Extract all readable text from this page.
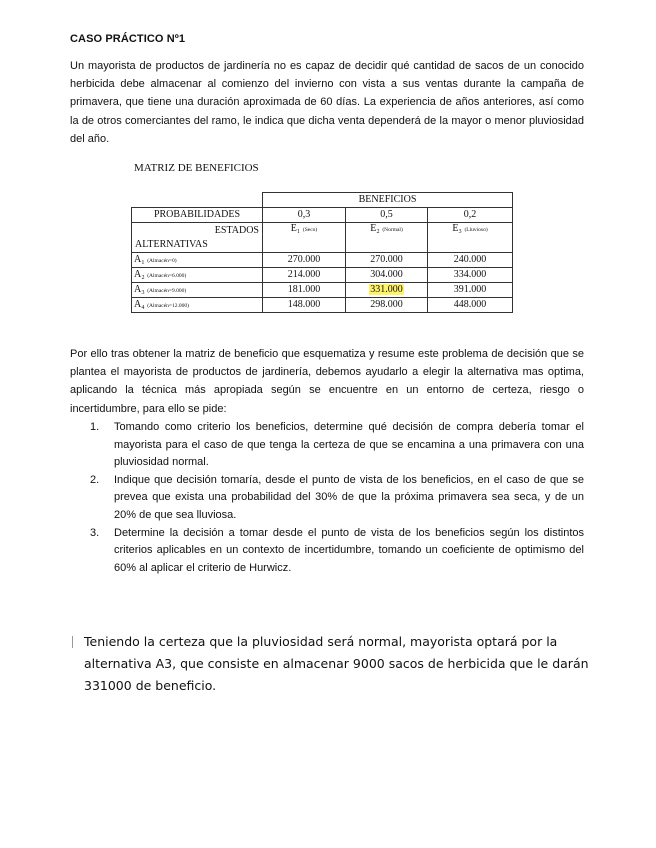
CASO PRÁCTICO Nº1
Un mayorista de productos de jardinería no es capaz de decidir qué cantidad de sacos de un conocido herbicida debe almacenar al comienzo del invierno con vista a sus ventas durante la campaña de primavera, que tiene una duración aproximada de 60 días. La experiencia de años anteriores, así como la de otros comerciantes del ramo, le indica que dicha venta dependerá de la mayor o menor pluviosidad del año.
MATRIZ DE BENEFICIOS
	BENEFICIOS		
PROBABILIDADES	0,3	0,5	0,2

ESTADOS
ALTERNATIVAS	E₁ (Seco)	E₂ (Normal)	E₃ (Lluvioso)
A₁ (Almacén=0)	270.000	270.000	240.000
A₂ (Almacén=6.000)	214.000	304.000	334.000
A₃ (Almacén=9.000)	181.000	331.000	391.000
A₄ (Almacén=12.000)	148.000	298.000	448.000
Por ello tras obtener la matriz de beneficio que esquematiza y resume este problema de decisión que se plantea el mayorista de productos de jardinería, debemos ayudarlo a elegir la alternativa mas optima, aplicando la técnica más apropiada según se encuentre en un entorno de certeza, riesgo o incertidumbre, para ello se pide:
1. Tomando como criterio los beneficios, determine qué decisión de compra debería tomar el mayorista para el caso de que tenga la certeza de que se encamina a una primavera con una pluviosidad normal.
2. Indique que decisión tomaría, desde el punto de vista de los beneficios, en el caso de que se prevea que exista una probabilidad del 30% de que la próxima primavera sea seca, y de un 20% de que sea lluviosa.
3. Determine la decisión a tomar desde el punto de vista de los beneficios según los distintos criterios aplicables en un contexto de incertidumbre, tomando un coeficiente de optimismo del 60% al aplicar el criterio de Hurwicz.
Teniendo la certeza que la pluviosidad será normal, mayorista optará por la alternativa A3, que consiste en almacenar 9000 sacos de herbicida que le darán 331000 de beneficio.
